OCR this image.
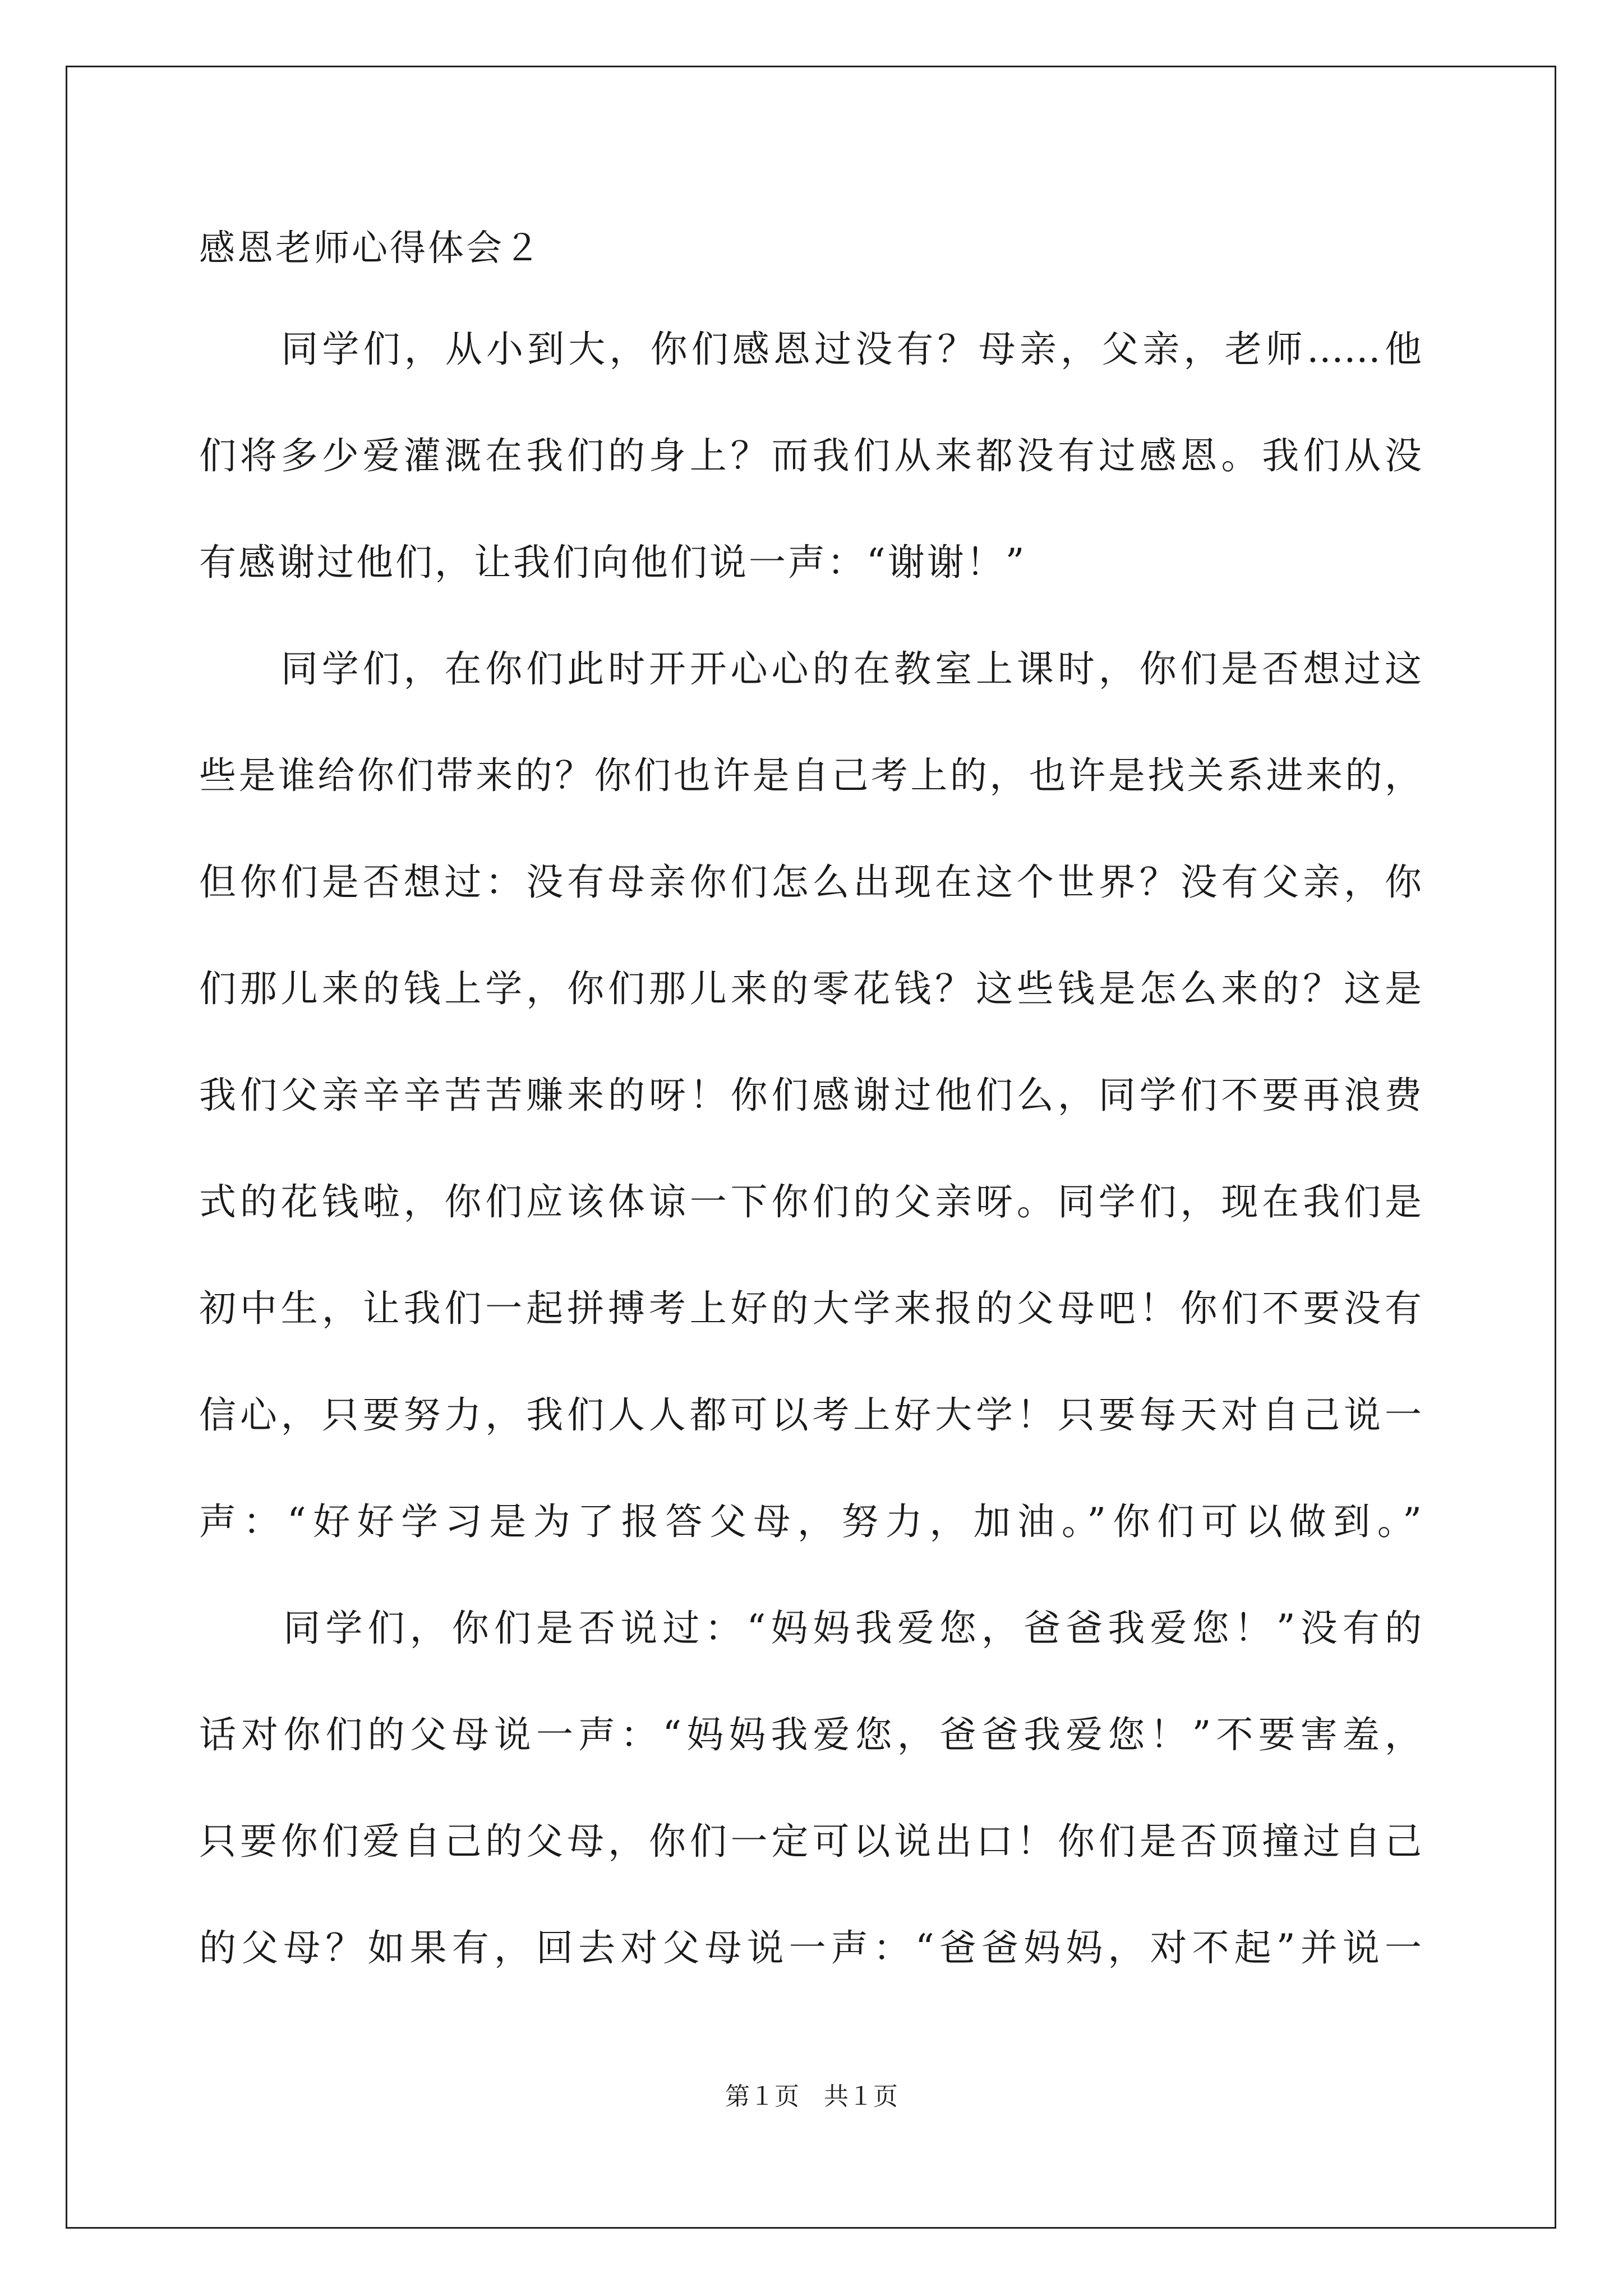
感恩老师心得体会２
　　同学们，从小到大，你们感恩过没有？母亲，父亲，老师……他
们将多少爱灌溉在我们的身上？而我们从来都没有过感恩。我们从没
有感谢过他们，让我们向他们说一声：“谢谢！”
　　同学们，在你们此时开开心心的在教室上课时，你们是否想过这
些是谁给你们带来的？你们也许是自己考上的，也许是找关系进来的，
但你们是否想过：没有母亲你们怎么出现在这个世界？没有父亲，你
们那儿来的钱上学，你们那儿来的零花钱？这些钱是怎么来的？这是
我们父亲辛辛苦苦赚来的呀！你们感谢过他们么，同学们不要再浪费
式的花钱啦，你们应该体谅一下你们的父亲呀。同学们，现在我们是
初中生，让我们一起拼搏考上好的大学来报的父母吧！你们不要没有
信心，只要努力，我们人人都可以考上好大学！只要每天对自己说一
声：“好好学习是为了报答父母，努力，加油。”你们可以做到。”
　　同学们，你们是否说过：“妈妈我爱您，爸爸我爱您！”没有的
话对你们的父母说一声：“妈妈我爱您，爸爸我爱您！”不要害羞，
只要你们爱自己的父母，你们一定可以说出口！你们是否顶撞过自己
的父母？如果有，回去对父母说一声：“爸爸妈妈，对不起”并说一
第１页　共１页
